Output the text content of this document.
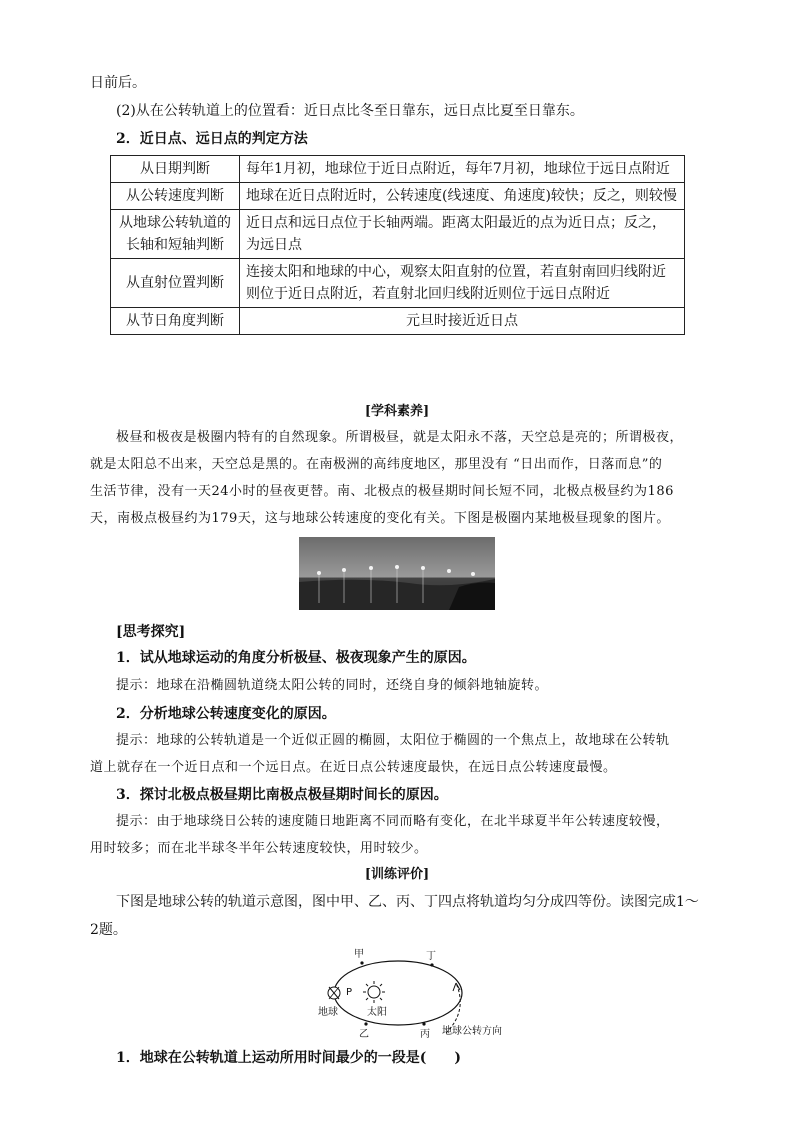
日前后。
(2)从在公转轨道上的位置看：近日点比冬至日靠东，远日点比夏至日靠东。
2．近日点、远日点的判定方法
从日期判断	每年1月初，地球位于近日点附近，每年7月初，地球位于远日点附近
从公转速度判断	地球在近日点附近时，公转速度(线速度、角速度)较快；反之，则较慢
从地球公转轨道的长轴和短轴判断	近日点和远日点位于长轴两端。距离太阳最近的点为近日点；反之，为远日点
从直射位置判断	连接太阳和地球的中心，观察太阳直射的位置，若直射南回归线附近则位于近日点附近，若直射北回归线附近则位于远日点附近
从节日角度判断	元旦时接近近日点
[学科素养]
极昼和极夜是极圈内特有的自然现象。所谓极昼，就是太阳永不落，天空总是亮的；所谓极夜，
就是太阳总不出来，天空总是黑的。在南极洲的高纬度地区，那里没有 “日出而作，日落而息”的
生活节律，没有一天24小时的昼夜更替。南、北极点的极昼期时间长短不同，北极点极昼约为186
天，南极点极昼约为179天，这与地球公转速度的变化有关。下图是极圈内某地极昼现象的图片。
[思考探究]
1．试从地球运动的角度分析极昼、极夜现象产生的原因。
提示：地球在沿椭圆轨道绕太阳公转的同时，还绕自身的倾斜地轴旋转。
2．分析地球公转速度变化的原因。
提示：地球的公转轨道是一个近似正圆的椭圆，太阳位于椭圆的一个焦点上，故地球在公转轨
道上就存在一个近日点和一个远日点。在近日点公转速度最快，在远日点公转速度最慢。
3．探讨北极点极昼期比南极点极昼期时间长的原因。
提示：由于地球绕日公转的速度随日地距离不同而略有变化，在北半球夏半年公转速度较慢，
用时较多；而在北半球冬半年公转速度较快，用时较少。
[训练评价]
下图是地球公转的轨道示意图，图中甲、乙、丙、丁四点将轨道均匀分成四等份。读图完成1～
2题。
甲	丁
乙	丙
P
太阳
地球
地球公转方向
1．地球在公转轨道上运动所用时间最少的一段是(　　)
